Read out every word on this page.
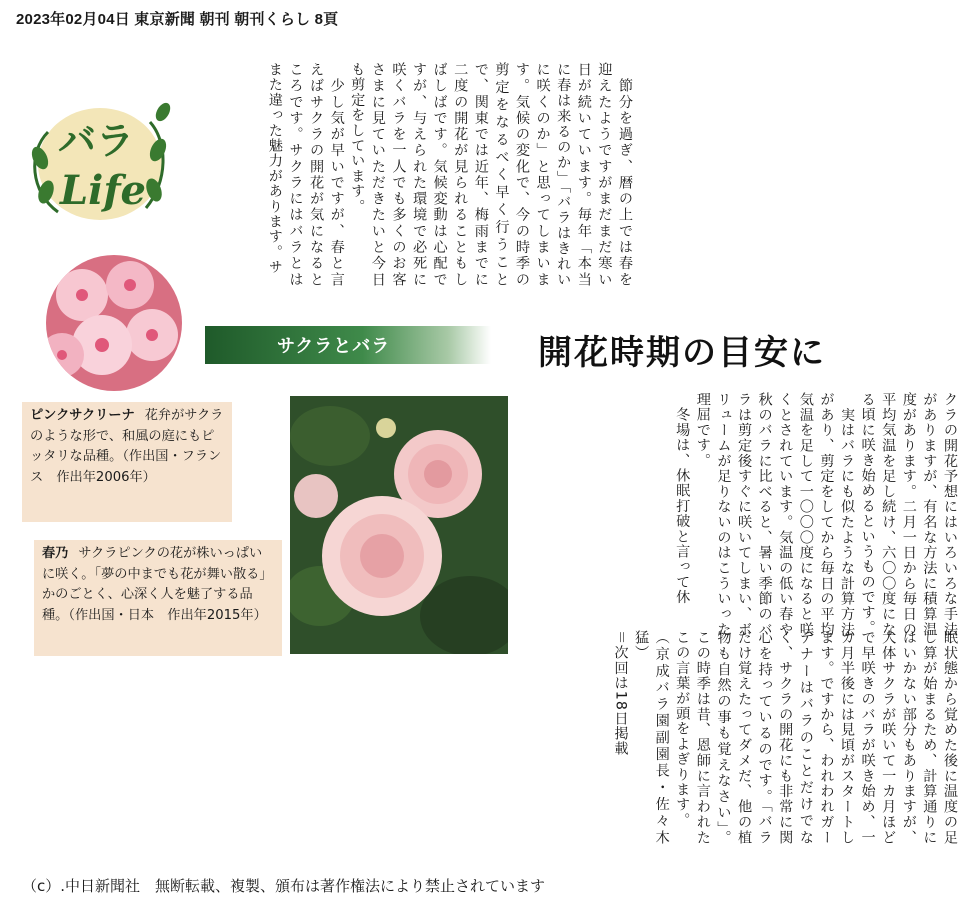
2023年02月04日 東京新聞 朝刊 朝刊くらし 8頁
バラ
Life	　節分を過ぎ、暦の上では春を迎えたようですがまだまだ寒い日が続いています。毎年「本当に春は来るのか」「バラはきれいに咲くのか」と思ってしまいます。気候の変化で、今の時季の剪定をなるべく早く行うことで、関東では近年、梅雨までに二度の開花が見られることもしばしばです。気候変動は心配ですが、与えられた環境で必死に咲くバラを一人でも多くのお客さまに見ていただきたいと今日も剪定をしています。
　少し気が早いですが、春と言えばサクラの開花が気になるところです。サクラにはバラとはまた違った魅力があります。サ
ピンクサクリーナ 花弁がサクラのような形で、和風の庭にもピッタリな品種。（作出国・フランス　作出年2006年）
サクラとバラ	開花時期の目安に
春乃 サクラピンクの花が株いっぱいに咲く。「夢の中までも花が舞い散る」かのごとく、心深く人を魅了する品種。（作出国・日本　作出年2015年）	クラの開花予想にはいろいろな手法がありますが、有名な方法に積算温度があります。二月一日から毎日の平均気温を足し続け、六〇〇度になる頃に咲き始めるというものです。
　実はバラにも似たような計算方法があり、剪定をしてから毎日の平均気温を足して一〇〇〇度になると咲くとされています。気温の低い春や秋のバラに比べると、暑い季節のバラは剪定後すぐに咲いてしまい、ボリュームが足りないのはこういった理屈です。
　冬場は、休眠打破と言って休
眠状態から覚めた後に温度の足し算が始まるため、計算通りにはいかない部分もありますが、大体サクラが咲いて一カ月ほどで早咲きのバラが咲き始め、一カ月半後には見頃がスタートします。ですから、われわれガーデナーはバラのことだけでなく、サクラの開花にも非常に関心を持っているのです。「バラだけ覚えたってダメだ、他の植物も自然の事も覚えなさい」。この時季は昔、恩師に言われたこの言葉が頭をよぎります。
（京成バラ園副園長・佐々木猛）
＝次回は18日掲載
（c）.中日新聞社　無断転載、複製、頒布は著作権法により禁止されています
